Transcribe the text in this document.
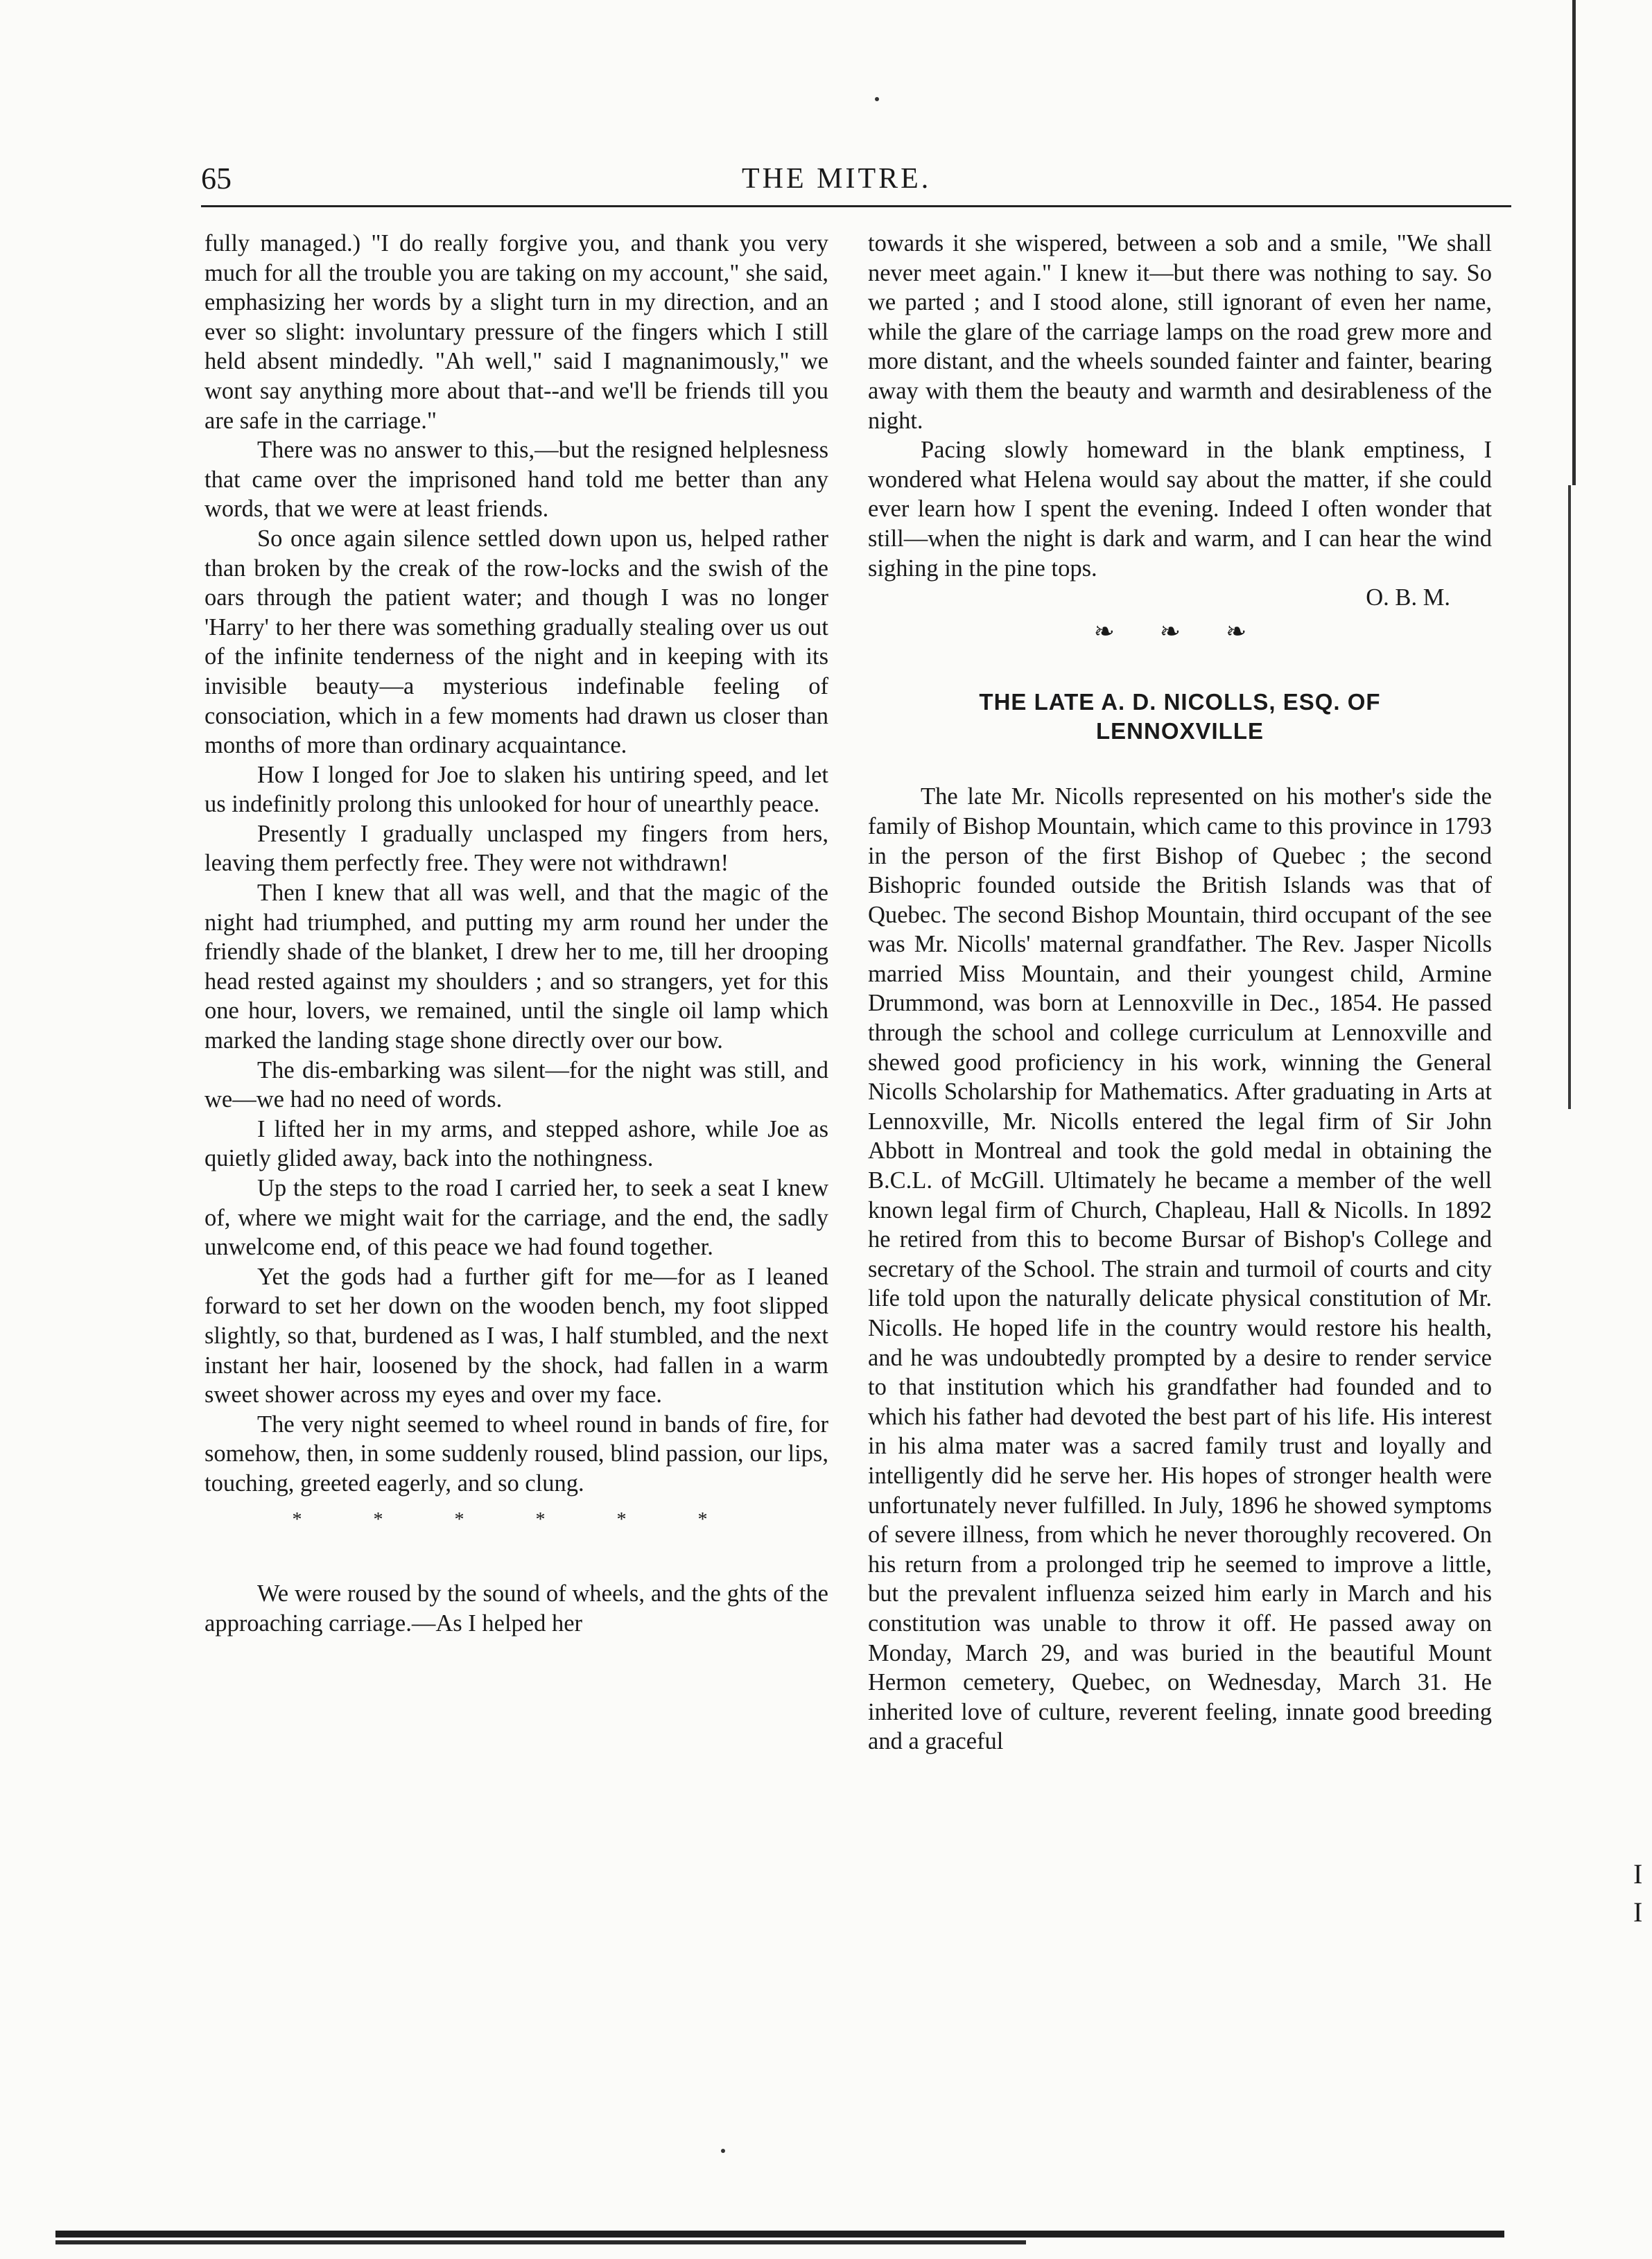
65	THE MITRE.

fully managed.) "I do really forgive you, and thank you very much for all the trouble you are taking on my account," she said, emphasizing her words by a slight turn in my direction, and an ever so slight: involuntary pressure of the fingers which I still held absent mindedly. "Ah well," said I magnanimously," we wont say anything more about that--and we'll be friends till you are safe in the carriage."

There was no answer to this,—but the resigned helplesness that came over the imprisoned hand told me better than any words, that we were at least friends.

So once again silence settled down upon us, helped rather than broken by the creak of the row-locks and the swish of the oars through the patient water; and though I was no longer 'Harry' to her there was something gradually stealing over us out of the infinite tenderness of the night and in keeping with its invisible beauty—a mysterious indefinable feeling of consociation, which in a few moments had drawn us closer than months of more than ordinary acquaintance.

How I longed for Joe to slaken his untiring speed, and let us indefinitly prolong this unlooked for hour of unearthly peace.

Presently I gradually unclasped my fingers from hers, leaving them perfectly free. They were not withdrawn!

Then I knew that all was well, and that the magic of the night had triumphed, and putting my arm round her under the friendly shade of the blanket, I drew her to me, till her drooping head rested against my shoulders ; and so strangers, yet for this one hour, lovers, we remained, until the single oil lamp which marked the landing stage shone directly over our bow.

The dis-embarking was silent—for the night was still, and we—we had no need of words.

I lifted her in my arms, and stepped ashore, while Joe as quietly glided away, back into the nothingness.

Up the steps to the road I carried her, to seek a seat I knew of, where we might wait for the carriage, and the end, the sadly unwelcome end, of this peace we had found together.

Yet the gods had a further gift for me—for as I leaned forward to set her down on the wooden bench, my foot slipped slightly, so that, burdened as I was, I half stumbled, and the next instant her hair, loosened by the shock, had fallen in a warm sweet shower across my eyes and over my face.

The very night seemed to wheel round in bands of fire, for somehow, then, in some suddenly roused, blind passion, our lips, touching, greeted eagerly, and so clung.

* * * * * *

We were roused by the sound of wheels, and the ghts of the approaching carriage.—As I helped her

towards it she wispered, between a sob and a smile, "We shall never meet again." I knew it—but there was nothing to say. So we parted ; and I stood alone, still ignorant of even her name, while the glare of the carriage lamps on the road grew more and more distant, and the wheels sounded fainter and fainter, bearing away with them the beauty and warmth and desirableness of the night.

Pacing slowly homeward in the blank emptiness, I wondered what Helena would say about the matter, if she could ever learn how I spent the evening. Indeed I often wonder that still—when the night is dark and warm, and I can hear the wind sighing in the pine tops.

O. B. M.

❧ ❧ ❧
THE LATE A. D. NICOLLS, ESQ. OF
LENNOXVILLE

The late Mr. Nicolls represented on his mother's side the family of Bishop Mountain, which came to this province in 1793 in the person of the first Bishop of Quebec ; the second Bishopric founded outside the British Islands was that of Quebec. The second Bishop Mountain, third occupant of the see was Mr. Nicolls' maternal grandfather. The Rev. Jasper Nicolls married Miss Mountain, and their youngest child, Armine Drummond, was born at Lennoxville in Dec., 1854. He passed through the school and college curriculum at Lennoxville and shewed good proficiency in his work, winning the General Nicolls Scholarship for Mathematics. After graduating in Arts at Lennoxville, Mr. Nicolls entered the legal firm of Sir John Abbott in Montreal and took the gold medal in obtaining the B.C.L. of McGill. Ultimately he became a member of the well known legal firm of Church, Chapleau, Hall & Nicolls. In 1892 he retired from this to become Bursar of Bishop's College and secretary of the School. The strain and turmoil of courts and city life told upon the naturally delicate physical constitution of Mr. Nicolls. He hoped life in the country would restore his health, and he was undoubtedly prompted by a desire to render service to that institution which his grandfather had founded and to which his father had devoted the best part of his life. His interest in his alma mater was a sacred family trust and loyally and intelligently did he serve her. His hopes of stronger health were unfortunately never fulfilled. In July, 1896 he showed symptoms of severe illness, from which he never thoroughly recovered. On his return from a prolonged trip he seemed to improve a little, but the prevalent influenza seized him early in March and his constitution was unable to throw it off. He passed away on Monday, March 29, and was buried in the beautiful Mount Hermon cemetery, Quebec, on Wednesday, March 31. He inherited love of culture, reverent feeling, innate good breeding and a graceful

I
I
